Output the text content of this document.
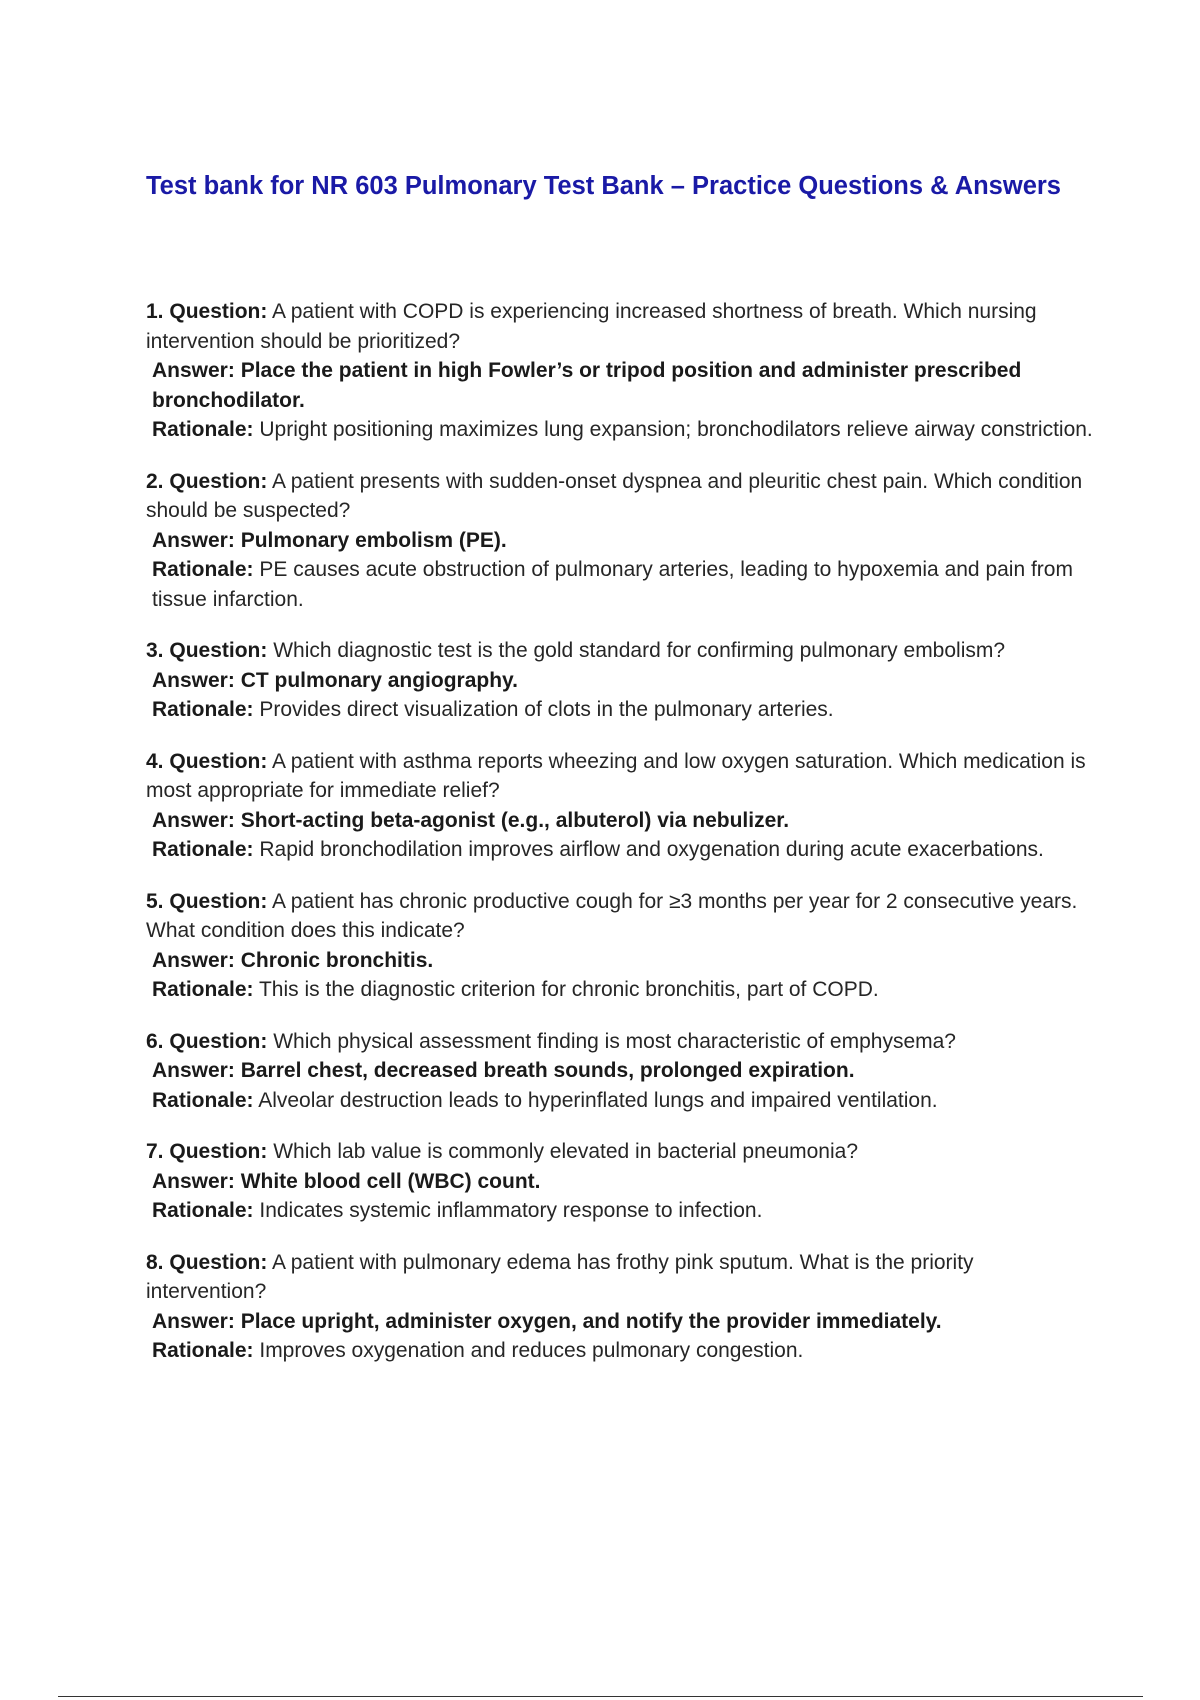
Test bank for NR 603 Pulmonary Test Bank – Practice Questions & Answers

1. Question: A patient with COPD is experiencing increased shortness of breath. Which nursing intervention should be prioritized?

Answer: Place the patient in high Fowler’s or tripod position and administer prescribed bronchodilator.

Rationale: Upright positioning maximizes lung expansion; bronchodilators relieve airway constriction.

2. Question: A patient presents with sudden-onset dyspnea and pleuritic chest pain. Which condition should be suspected?

Answer: Pulmonary embolism (PE).

Rationale: PE causes acute obstruction of pulmonary arteries, leading to hypoxemia and pain from tissue infarction.

3. Question: Which diagnostic test is the gold standard for confirming pulmonary embolism?

Answer: CT pulmonary angiography.

Rationale: Provides direct visualization of clots in the pulmonary arteries.

4. Question: A patient with asthma reports wheezing and low oxygen saturation. Which medication is most appropriate for immediate relief?

Answer: Short-acting beta-agonist (e.g., albuterol) via nebulizer.

Rationale: Rapid bronchodilation improves airflow and oxygenation during acute exacerbations.

5. Question: A patient has chronic productive cough for ≥3 months per year for 2 consecutive years. What condition does this indicate?

Answer: Chronic bronchitis.

Rationale: This is the diagnostic criterion for chronic bronchitis, part of COPD.

6. Question: Which physical assessment finding is most characteristic of emphysema?

Answer: Barrel chest, decreased breath sounds, prolonged expiration.

Rationale: Alveolar destruction leads to hyperinflated lungs and impaired ventilation.

7. Question: Which lab value is commonly elevated in bacterial pneumonia?

Answer: White blood cell (WBC) count.

Rationale: Indicates systemic inflammatory response to infection.

8. Question: A patient with pulmonary edema has frothy pink sputum. What is the priority intervention?

Answer: Place upright, administer oxygen, and notify the provider immediately.

Rationale: Improves oxygenation and reduces pulmonary congestion.
